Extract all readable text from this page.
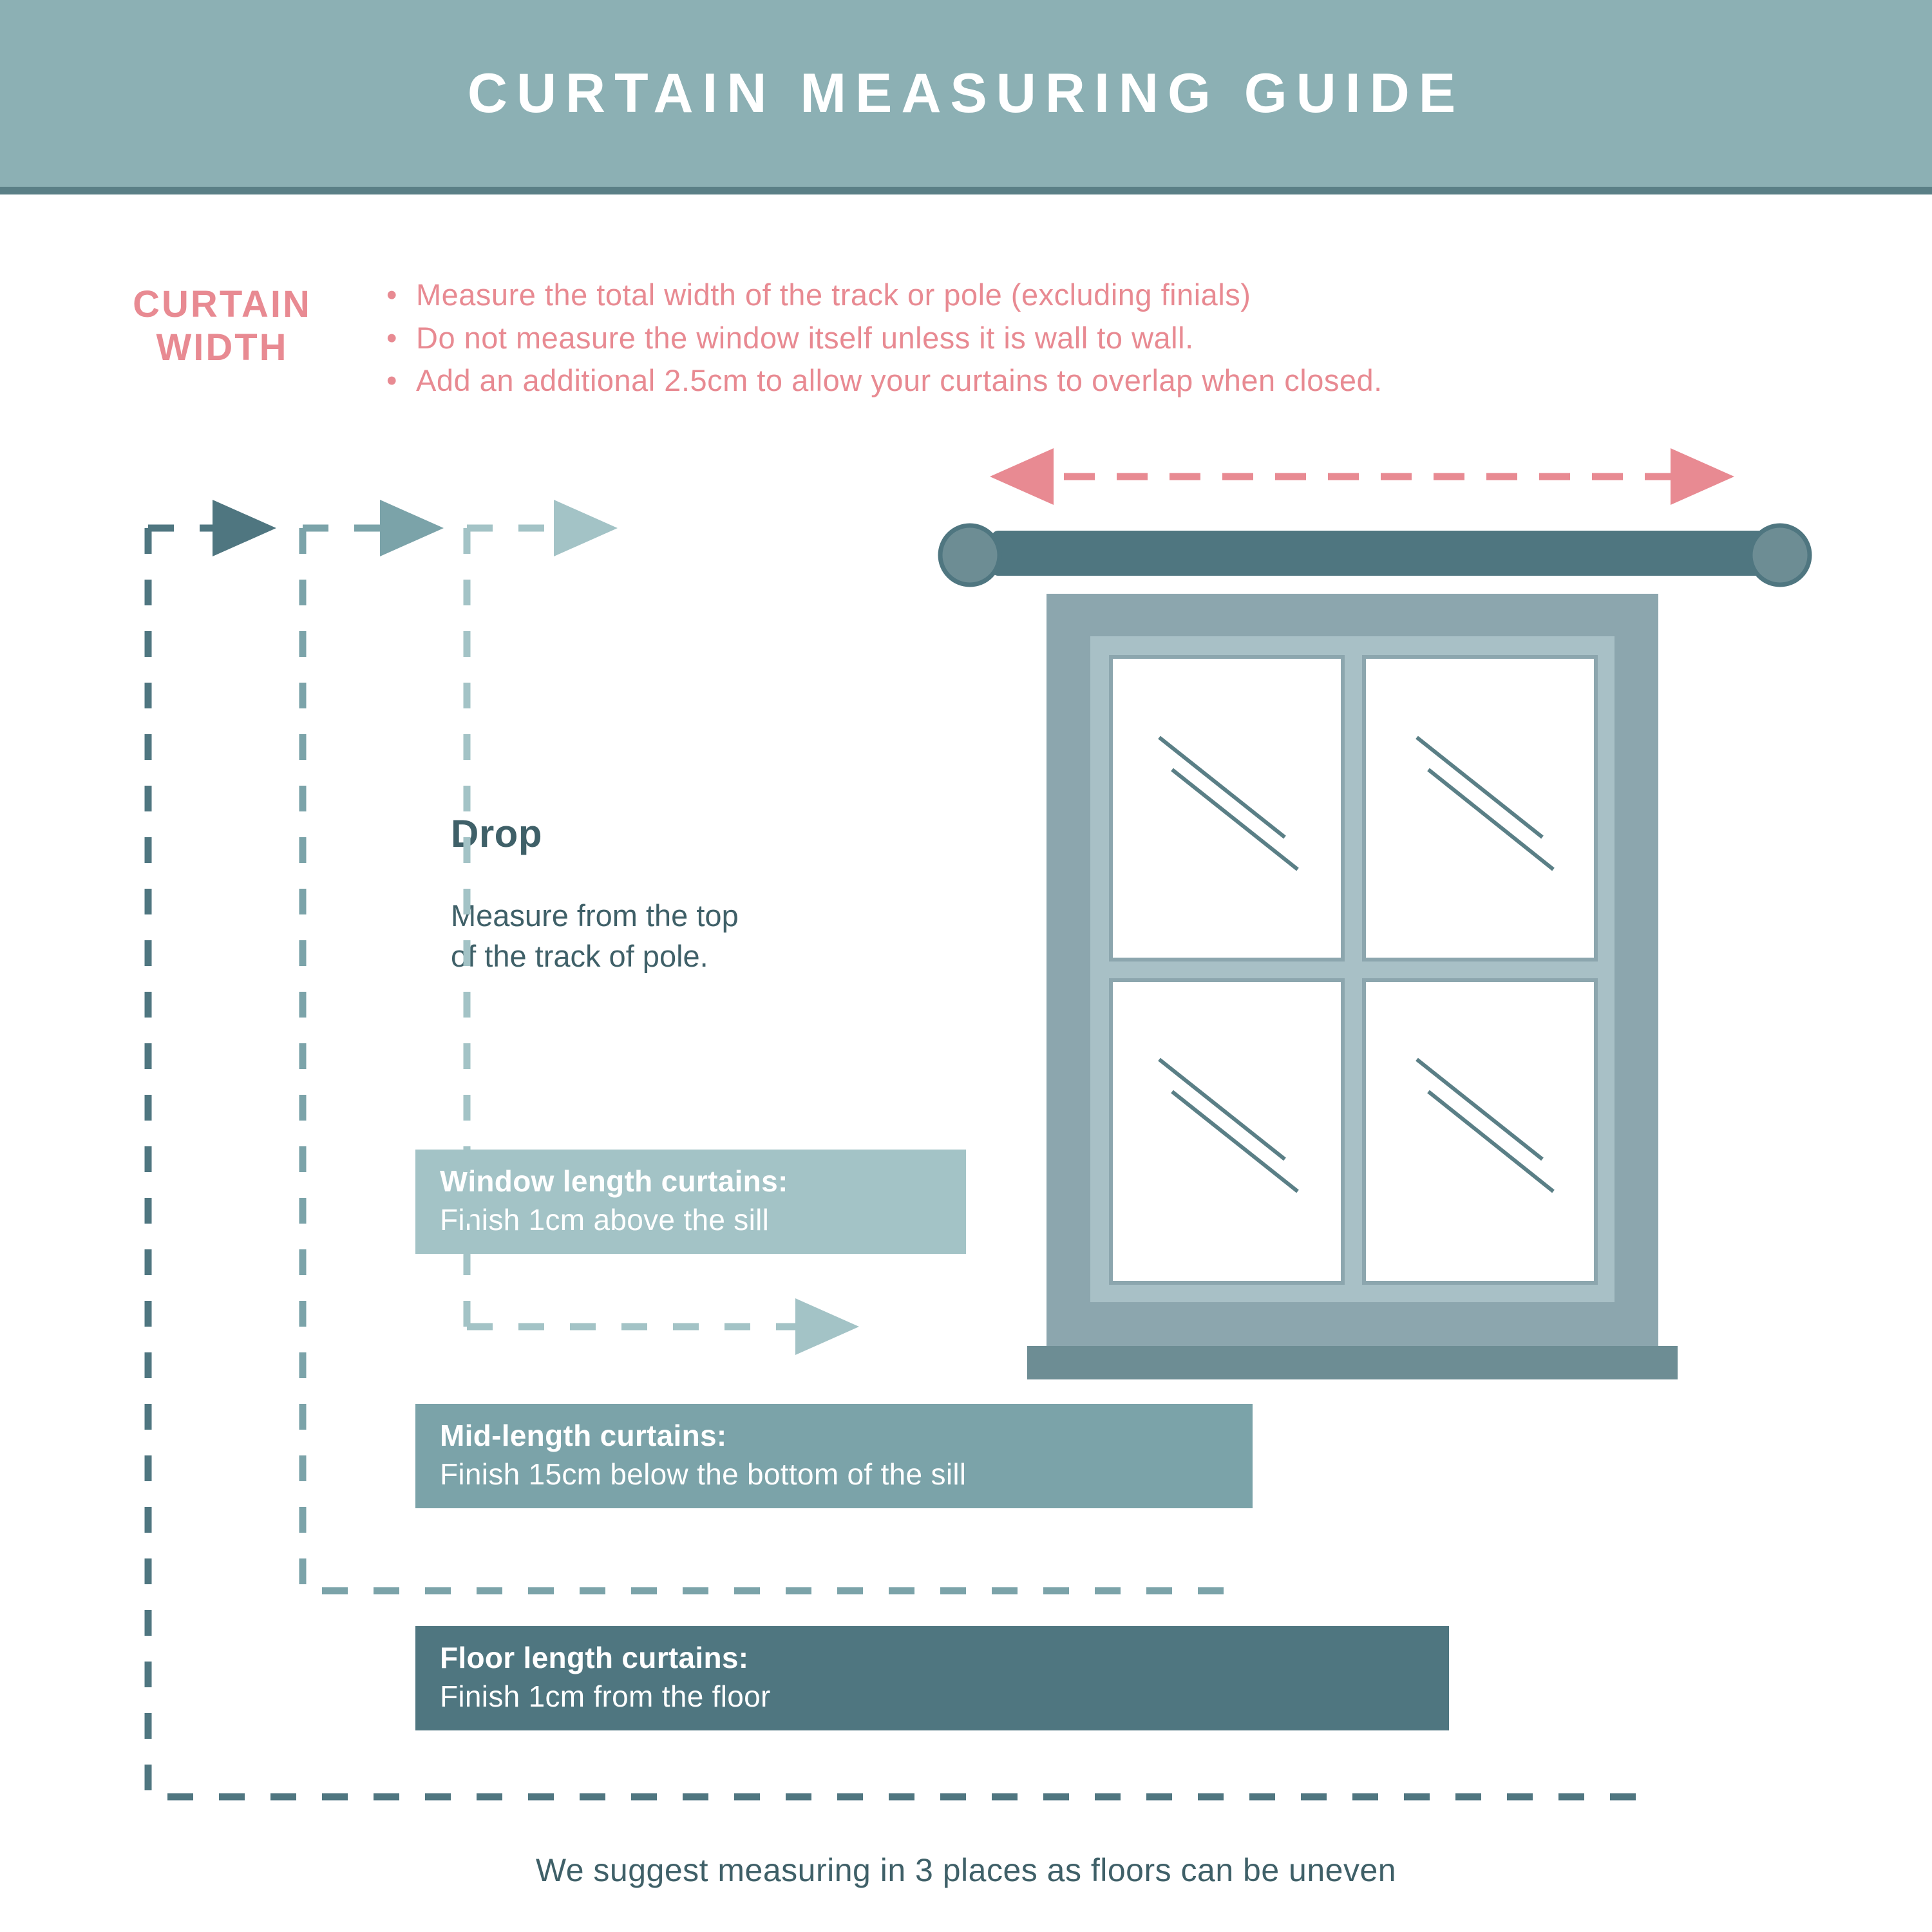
CURTAIN MEASURING GUIDE
CURTAIN
WIDTH
• Measure the total width of the track or pole (excluding finials)
• Do not measure the window itself unless it is wall to wall.
• Add an additional 2.5cm to allow your curtains to overlap when closed.
Drop
Measure from the top
of the track of pole.
Window length curtains:
Finish 1cm above the sill
Mid-length curtains:
Finish 15cm below the bottom of the sill
Floor length curtains:
Finish 1cm from the floor
We suggest measuring in 3 places as floors can be uneven
